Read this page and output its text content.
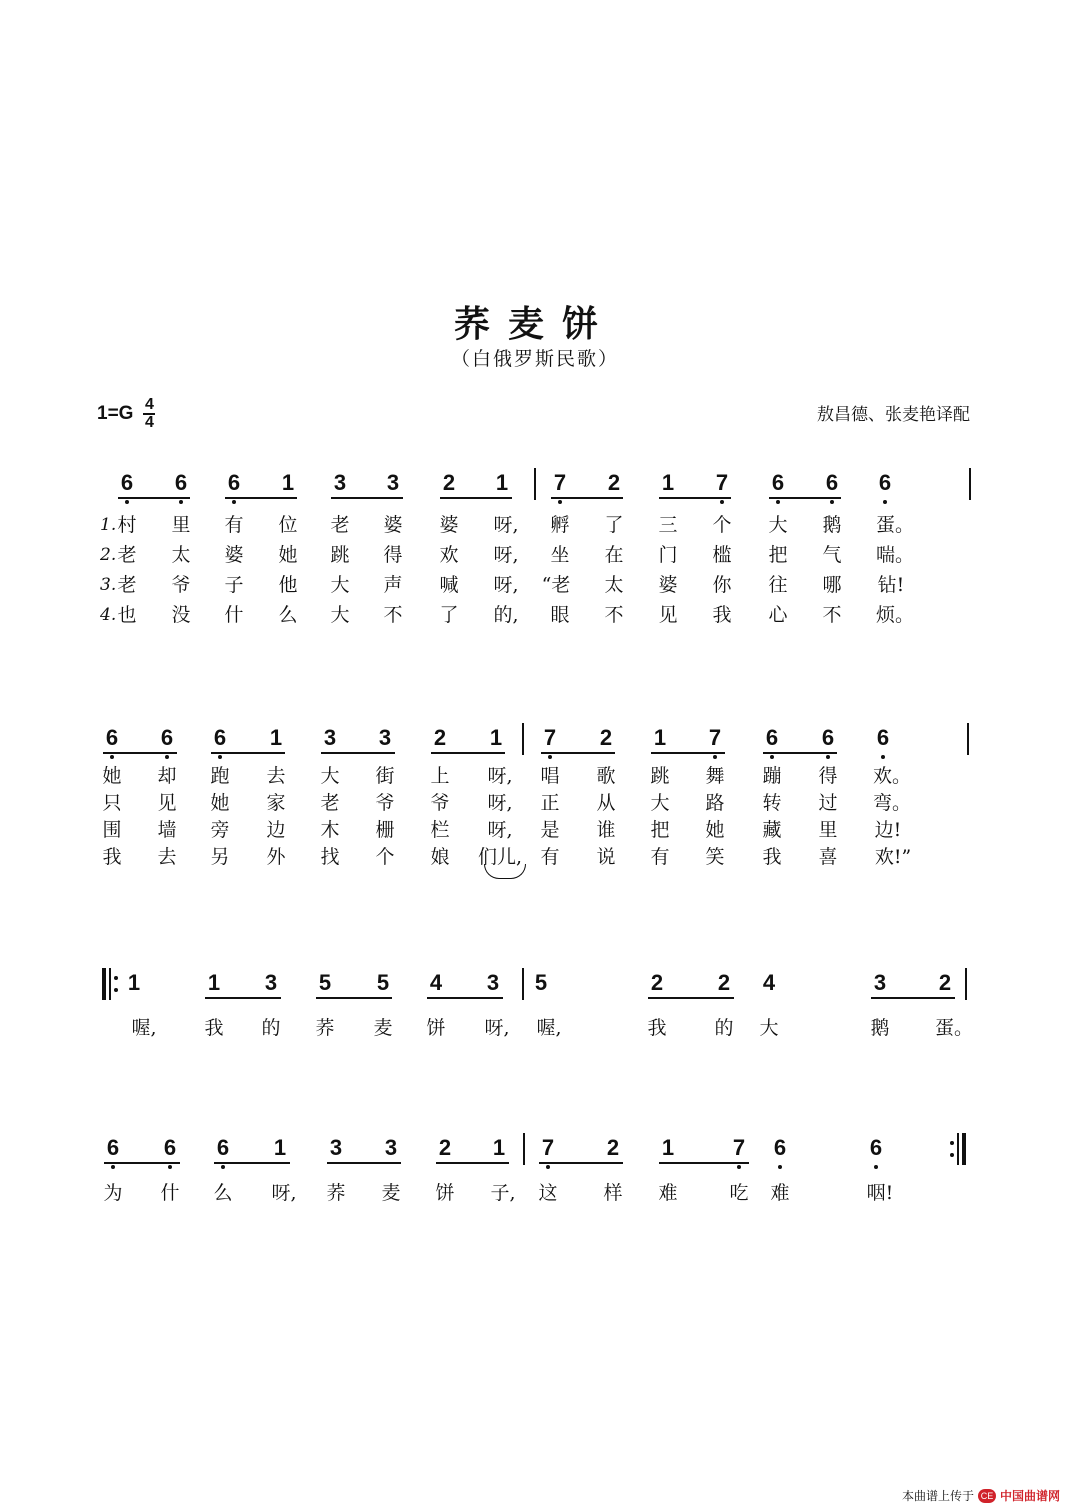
荞麦饼
（白俄罗斯民歌）
1=G 4
4	敖昌德、张麦艳译配
6	6	6	1	3	3	2	1	7	2	1	7	6	6	6
1. 村 里 有 位 老 婆 婆 呀, 孵 了 三 个 大 鹅 蛋。
2. 老 太 婆 她 跳 得 欢 呀, 坐 在 门 槛 把 气 喘。
3. 老 爷 子 他 大 声 喊 呀, “老 太 婆 你 往 哪 钻!
4. 也 没 什 么 大 不 了 的, 眼 不 见 我 心 不 烦。
6	6	6	1	3	3	2	1	7	2	1	7	6	6	6
她 却 跑 去 大 街 上 呀, 唱 歌 跳 舞 蹦 得 欢。
只 见 她 家 老 爷 爷 呀, 正 从 大 路 转 过 弯。
围 墙 旁 边 木 栅 栏 呀, 是 谁 把 她 藏 里 边!
我 去 另 外 找 个 娘	们儿, 有 说 有 笑 我 喜 欢!”
1	1	3	5	5	4	3	5	2	2	4	3	2
喔,	我 的 荞 麦 饼 呀, 喔,	我	的 大	鹅 蛋。
6	6	6	1	3	3	2	1	7	2	1	7	6	6
为 什 么 呀, 荞 麦 饼 子, 这 样 难	吃 难	咽!
本曲谱上传于 CE 中国曲谱网
